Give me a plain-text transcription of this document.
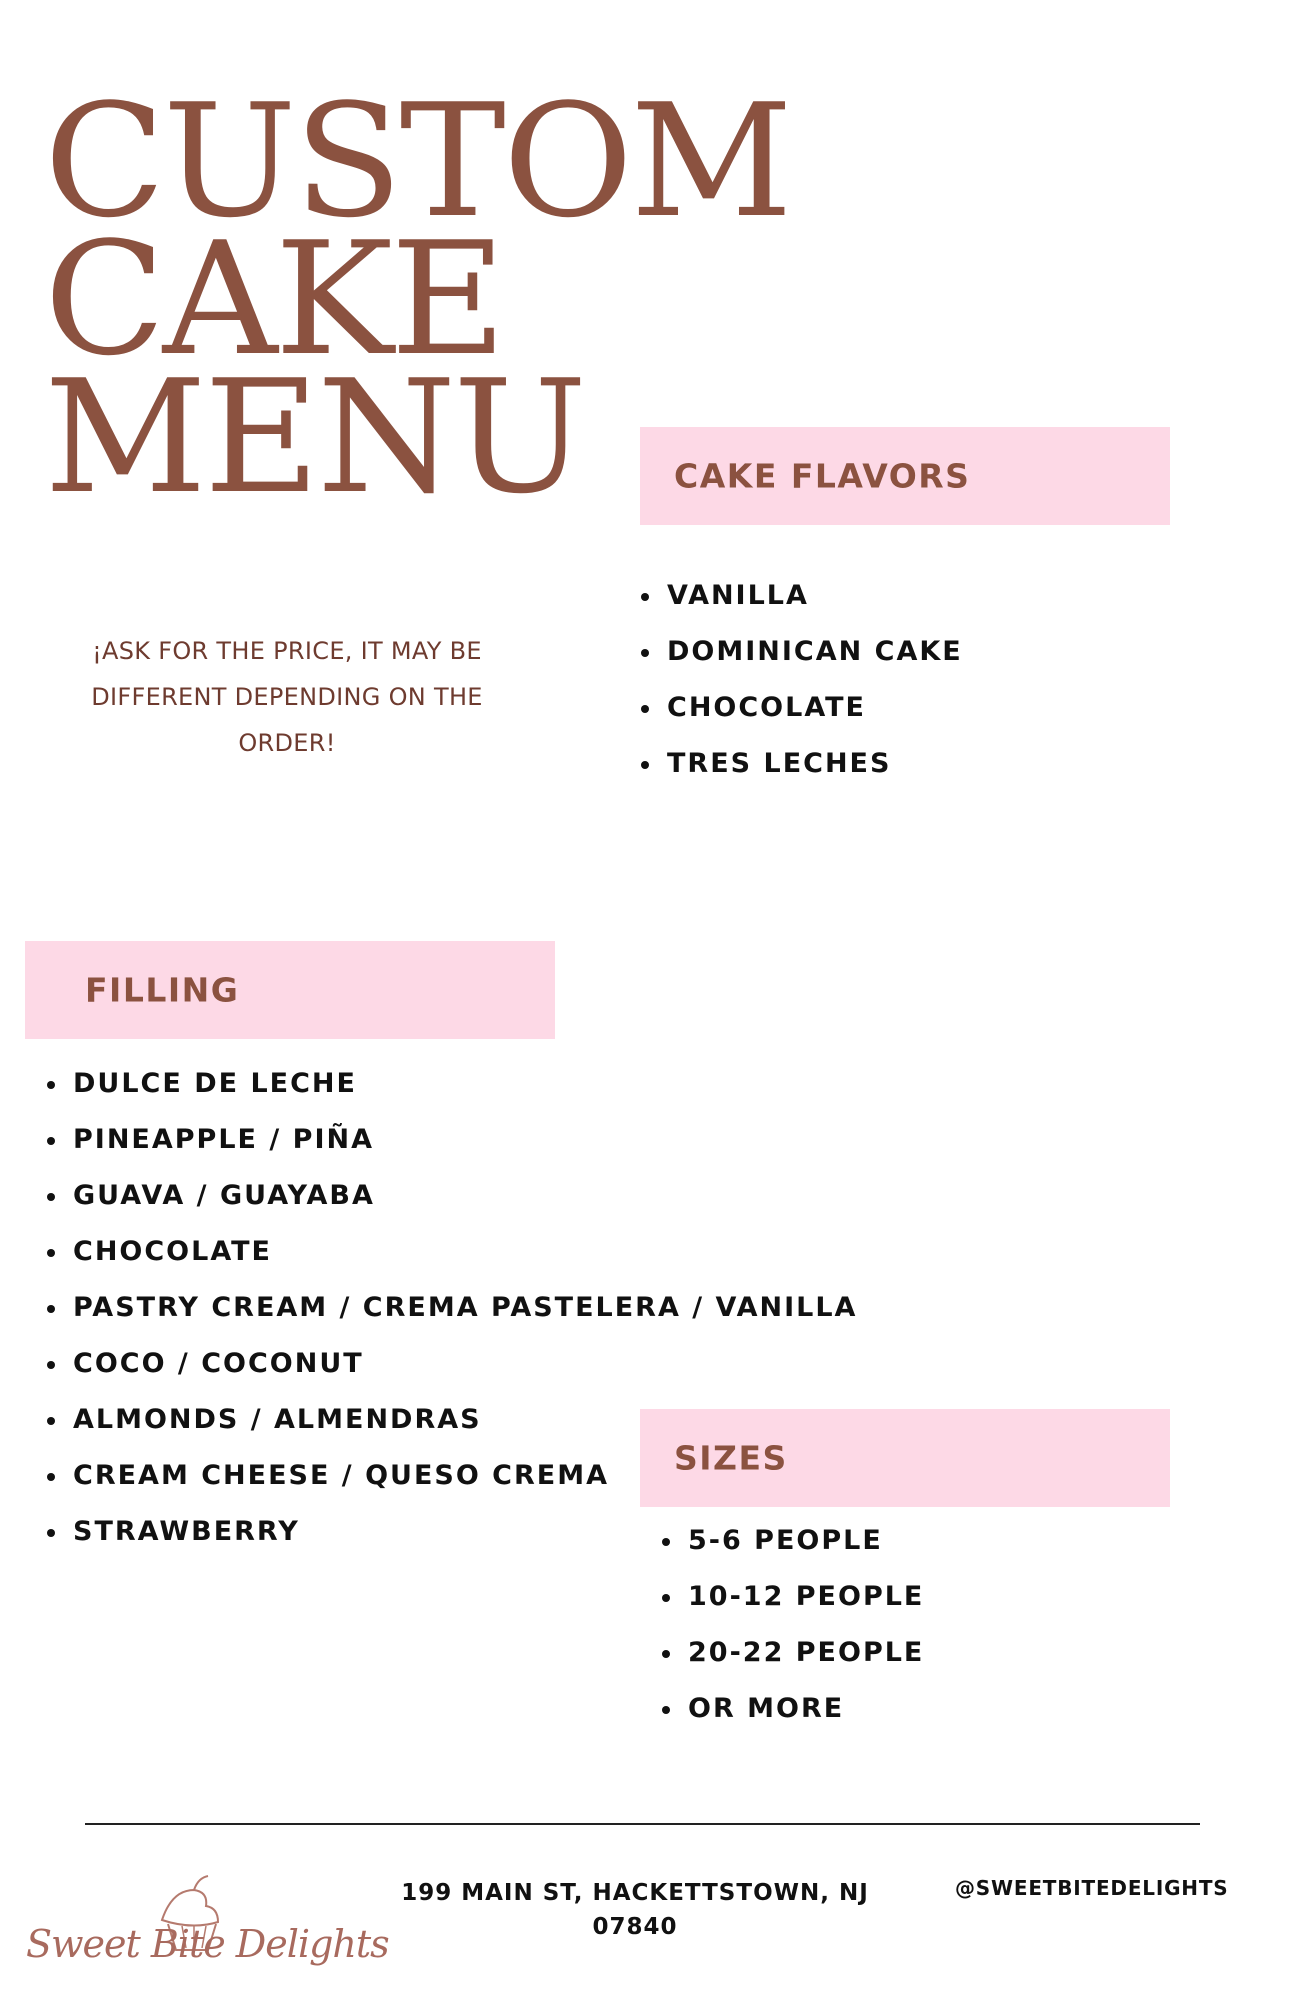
CUSTOM
CAKE
MENU	CAKE FLAVORS
VANILLA
DOMINICAN CAKE
CHOCOLATE
TRES LECHES
¡ASK FOR THE PRICE, IT MAY BE DIFFERENT DEPENDING ON THE ORDER!
FILLING
DULCE DE LECHE
PINEAPPLE / PIÑA
GUAVA / GUAYABA
CHOCOLATE
PASTRY CREAM / CREMA PASTELERA / VANILLA
COCO / COCONUT
ALMONDS / ALMENDRAS
CREAM CHEESE / QUESO CREMA
STRAWBERRY
SIZES
5-6 PEOPLE
10-12 PEOPLE
20-22 PEOPLE
OR MORE
Sweet Bite Delights
199 MAIN ST, HACKETTSTOWN, NJ
07840
@SWEETBITEDELIGHTS
